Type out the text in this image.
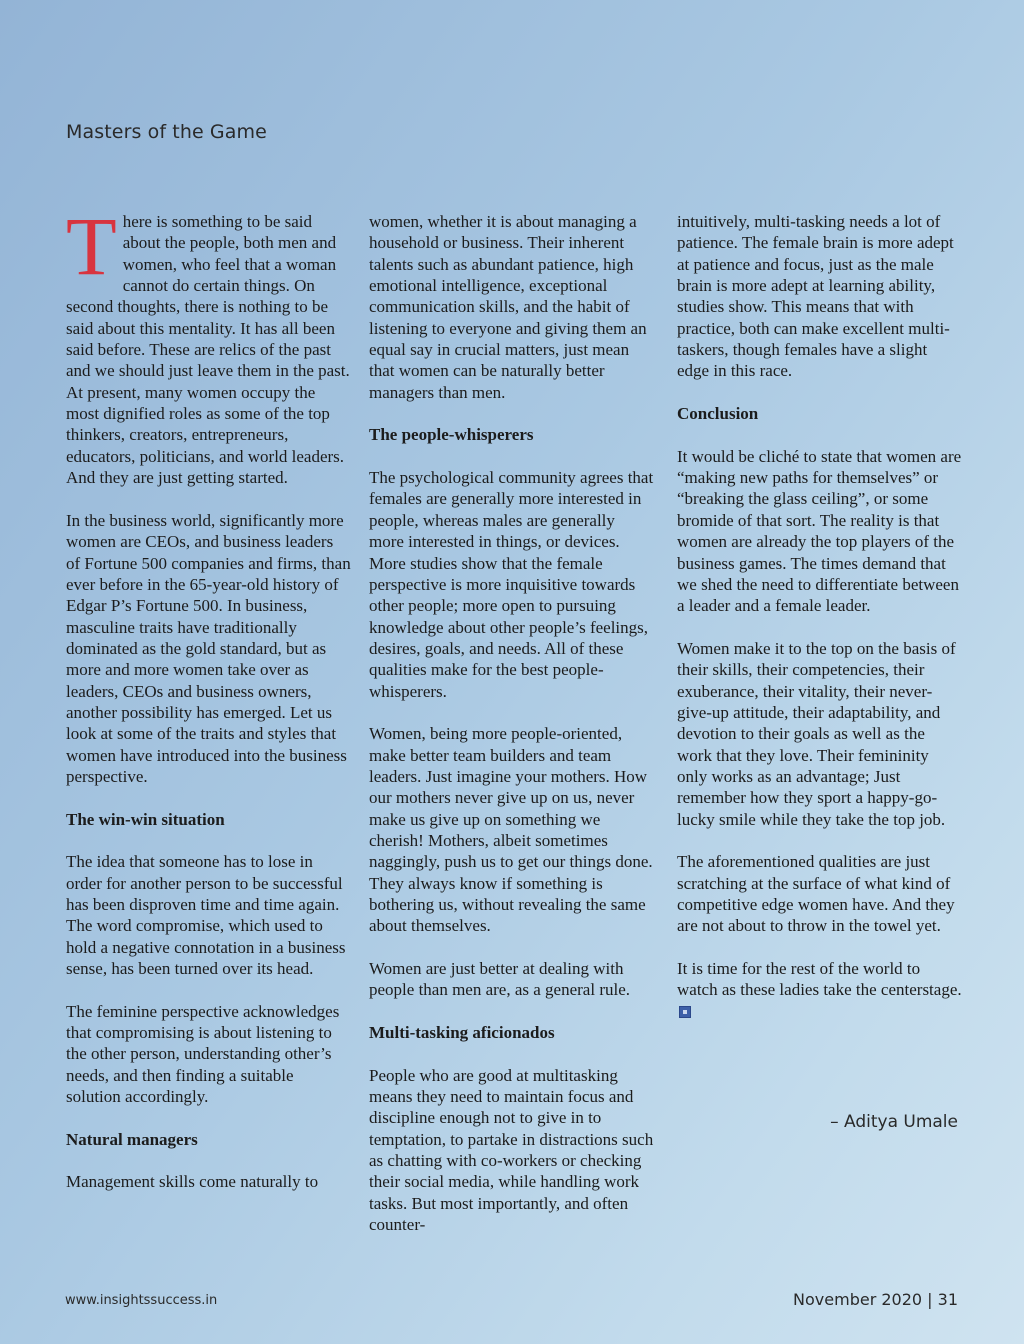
Masters of the Game

There is something to be said about the people, both men and women, who feel that a woman cannot do certain things. On second thoughts, there is nothing to be said about this mentality. It has all been said before. These are relics of the past and we should just leave them in the past. At present, many women occupy the most dignified roles as some of the top thinkers, creators, entrepreneurs, educators, politicians, and world leaders. And they are just getting started.

In the business world, significantly more women are CEOs, and business leaders of Fortune 500 companies and firms, than ever before in the 65-year-old history of Edgar P’s Fortune 500. In business, masculine traits have traditionally dominated as the gold standard, but as more and more women take over as leaders, CEOs and business owners, another possibility has emerged. Let us look at some of the traits and styles that women have introduced into the business perspective.

The win-win situation

The idea that someone has to lose in order for another person to be successful has been disproven time and time again. The word compromise, which used to hold a negative connotation in a business sense, has been turned over its head.

The feminine perspective acknowledges that compromising is about listening to the other person, understanding other’s needs, and then finding a suitable solution accordingly.

Natural managers

Management skills come naturally to

women, whether it is about managing a household or business. Their inherent talents such as abundant patience, high emotional intelligence, exceptional communication skills, and the habit of listening to everyone and giving them an equal say in crucial matters, just mean that women can be naturally better managers than men.

The people-whisperers

The psychological community agrees that females are generally more interested in people, whereas males are generally more interested in things, or devices. More studies show that the female perspective is more inquisitive towards other people; more open to pursuing knowledge about other people’s feelings, desires, goals, and needs. All of these qualities make for the best people-whisperers.

Women, being more people-oriented, make better team builders and team leaders. Just imagine your mothers. How our mothers never give up on us, never make us give up on something we cherish! Mothers, albeit sometimes naggingly, push us to get our things done. They always know if something is bothering us, without revealing the same about themselves.

Women are just better at dealing with people than men are, as a general rule.

Multi-tasking aficionados

People who are good at multitasking means they need to maintain focus and discipline enough not to give in to temptation, to partake in distractions such as chatting with co-workers or checking their social media, while handling work tasks. But most importantly, and often counter-

intuitively, multi-tasking needs a lot of patience. The female brain is more adept at patience and focus, just as the male brain is more adept at learning ability, studies show. This means that with practice, both can make excellent multi-taskers, though females have a slight edge in this race.

Conclusion

It would be cliché to state that women are “making new paths for themselves” or “breaking the glass ceiling”, or some bromide of that sort. The reality is that women are already the top players of the business games. The times demand that we shed the need to differentiate between a leader and a female leader.

Women make it to the top on the basis of their skills, their competencies, their exuberance, their vitality, their never-give-up attitude, their adaptability, and devotion to their goals as well as the work that they love. Their femininity only works as an advantage; Just remember how they sport a happy-go-lucky smile while they take the top job.

The aforementioned qualities are just scratching at the surface of what kind of competitive edge women have. And they are not about to throw in the towel yet.

It is time for the rest of the world to watch as these ladies take the centerstage.

– Aditya Umale
www.insightssuccess.in	November 2020 | 31
